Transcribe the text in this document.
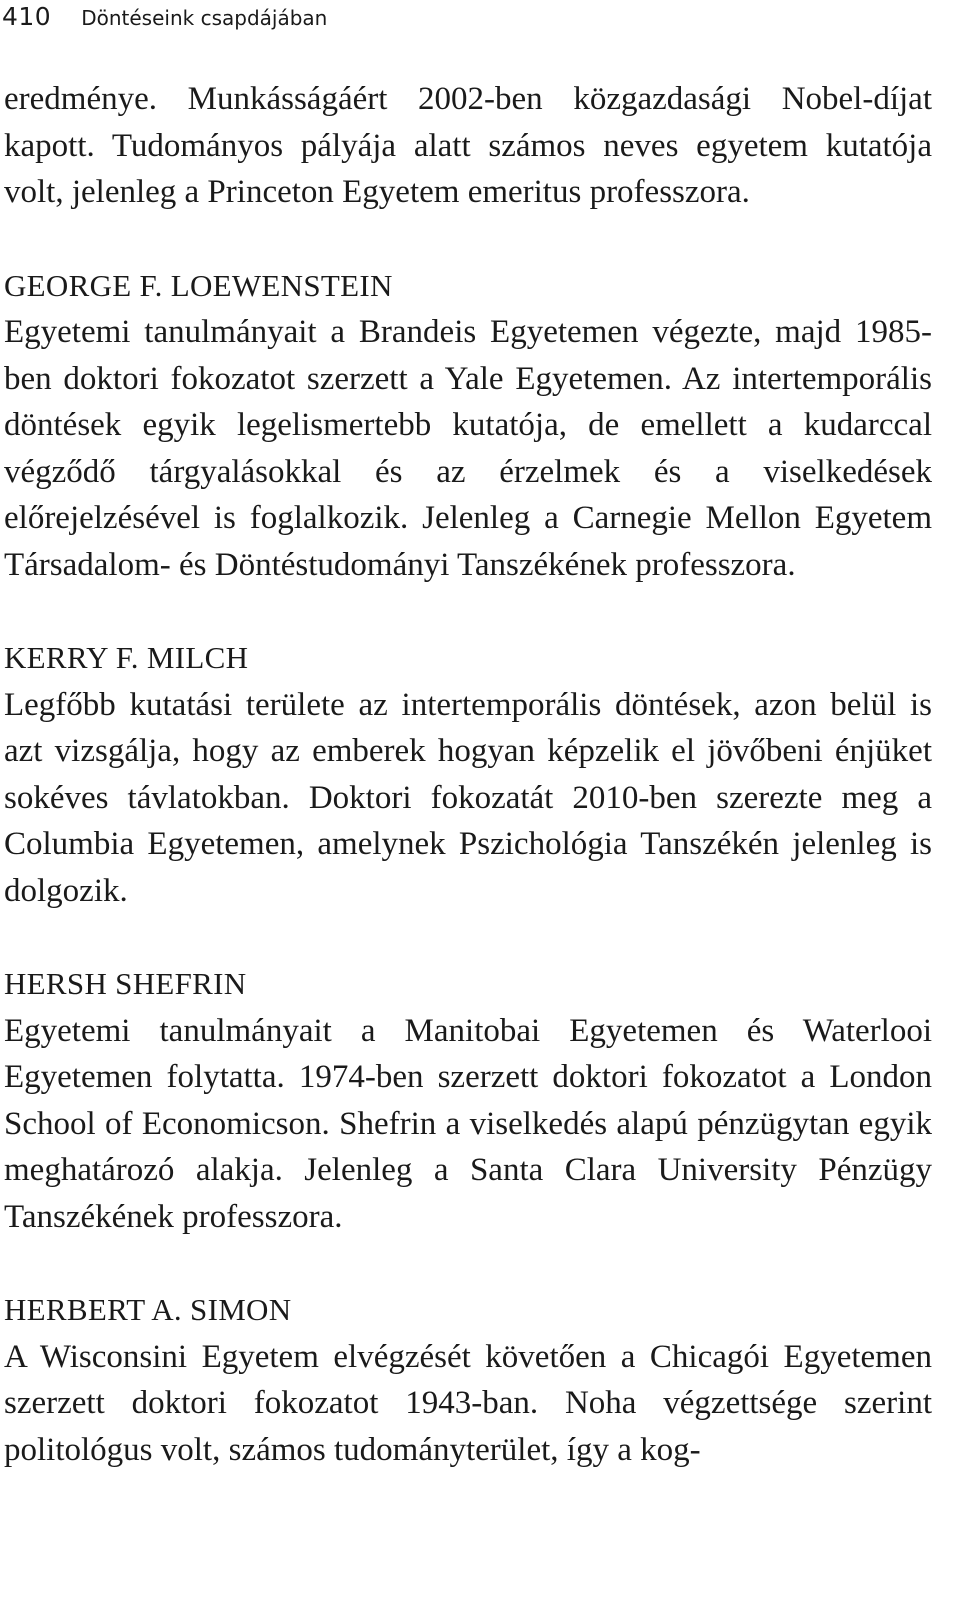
410 Döntéseink csapdájában

eredménye. Munkásságáért 2002-ben közgazdasági Nobel-díjat kapott. Tudományos pályája alatt számos neves egyetem kutatója volt, jelenleg a Princeton Egyetem emeritus professzora.

GEORGE F. LOEWENSTEIN

Egyetemi tanulmányait a Brandeis Egyetemen végezte, majd 1985-ben doktori fokozatot szerzett a Yale Egyetemen. Az intertemporális döntések egyik legelismertebb kutatója, de emellett a kudarccal végződő tárgyalásokkal és az érzelmek és a viselkedések előrejelzésével is foglalkozik. Jelenleg a Carnegie Mellon Egyetem Társadalom- és Döntéstudományi Tanszékének professzora.

KERRY F. MILCH

Legfőbb kutatási területe az intertemporális döntések, azon belül is azt vizsgálja, hogy az emberek hogyan képzelik el jövőbeni énjüket sokéves távlatokban. Doktori fokozatát 2010-ben szerezte meg a Columbia Egyetemen, amelynek Pszichológia Tanszékén jelenleg is dolgozik.

HERSH SHEFRIN

Egyetemi tanulmányait a Manitobai Egyetemen és Waterlooi Egyetemen folytatta. 1974-ben szerzett doktori fokozatot a London School of Economicson. Shefrin a viselkedés alapú pénzügytan egyik meghatározó alakja. Jelenleg a Santa Clara University Pénzügy Tanszékének professzora.

HERBERT A. SIMON

A Wisconsini Egyetem elvégzését követően a Chicagói Egyetemen szerzett doktori fokozatot 1943-ban. Noha végzettsége szerint politológus volt, számos tudományterület, így a kog-
